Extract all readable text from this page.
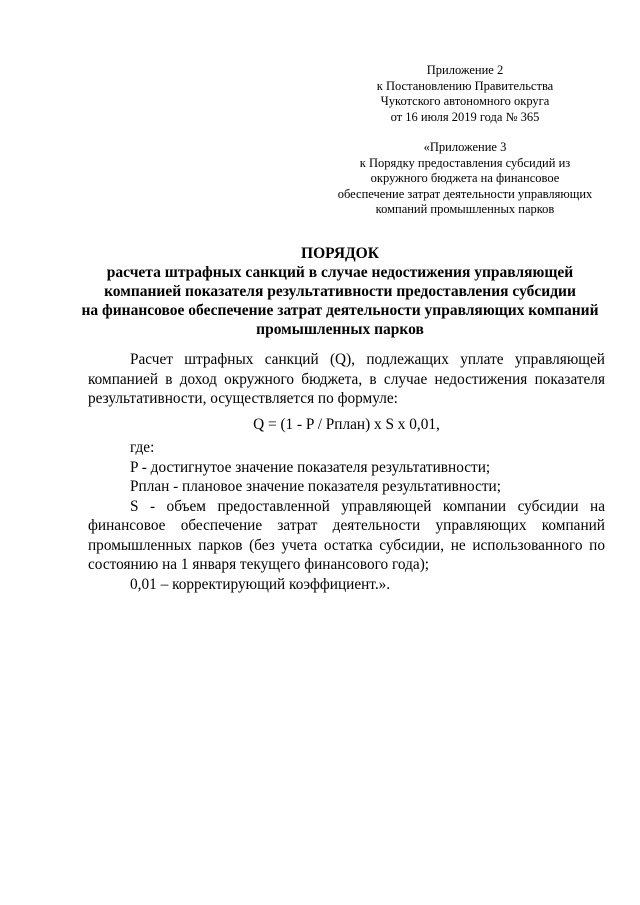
Приложение 2
к Постановлению Правительства
Чукотского автономного округа
от 16 июля 2019 года № 365
«Приложение 3
к Порядку предоставления субсидий из
окружного бюджета на финансовое
обеспечение затрат деятельности управляющих
компаний промышленных парков
ПОРЯДОК
расчета штрафных санкций в случае недостижения управляющей
компанией показателя результативности предоставления субсидии
на финансовое обеспечение затрат деятельности управляющих компаний
промышленных парков

Расчет штрафных санкций (Q), подлежащих уплате управляющей компанией в доход окружного бюджета, в случае недостижения показателя результативности, осуществляется по формуле:

Q = (1 - P / Рплан) x S x 0,01,

где:

P - достигнутое значение показателя результативности;

Рплан - плановое значение показателя результативности;

S - объем предоставленной управляющей компании субсидии на финансовое обеспечение затрат деятельности управляющих компаний промышленных парков (без учета остатка субсидии, не использованного по состоянию на 1 января текущего финансового года);

0,01 – корректирующий коэффициент.».
